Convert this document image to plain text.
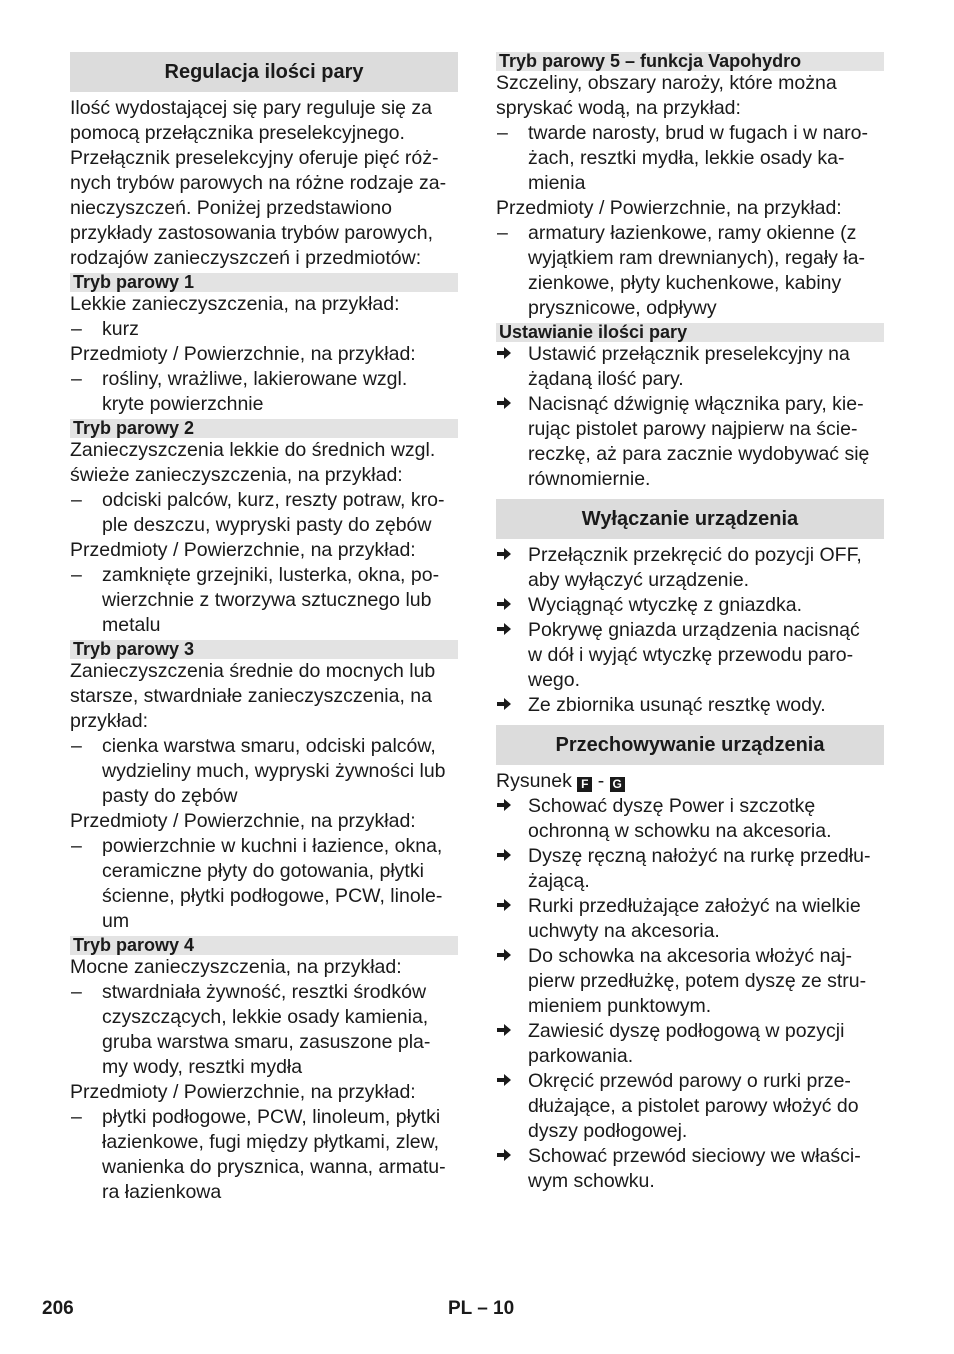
Regulacja ilości pary
Ilość wydostającej się pary reguluje się za
pomocą przełącznika preselekcyjnego.
Przełącznik preselekcyjny oferuje pięć róż-
nych trybów parowych na różne rodzaje za-
nieczyszczeń. Poniżej przedstawiono
przykłady zastosowania trybów parowych,
rodzajów zanieczyszczeń i przedmiotów:
Tryb parowy 1

Lekkie zanieczyszczenia, na przykład:

– kurz

Przedmioty / Powierzchnie, na przykład:

– rośliny, wrażliwe, lakierowane wzgl.
kryte powierzchnie
Tryb parowy 2
Zanieczyszczenia lekkie do średnich wzgl.
świeże zanieczyszczenia, na przykład:
– odciski palców, kurz, reszty potraw, kro-
ple deszczu, wypryski pasty do zębów

Przedmioty / Powierzchnie, na przykład:

– zamknięte grzejniki, lusterka, okna, po-
wierzchnie z tworzywa sztucznego lub
metalu
Tryb parowy 3
Zanieczyszczenia średnie do mocnych lub
starsze, stwardniałe zanieczyszczenia, na
przykład:
– cienka warstwa smaru, odciski palców,
wydzieliny much, wypryski żywności lub
pasty do zębów

Przedmioty / Powierzchnie, na przykład:

– powierzchnie w kuchni i łazience, okna,
ceramiczne płyty do gotowania, płytki
ścienne, płytki podłogowe, PCW, linole-
um
Tryb parowy 4

Mocne zanieczyszczenia, na przykład:

– stwardniała żywność, resztki środków
czyszczących, lekkie osady kamienia,
gruba warstwa smaru, zasuszone pla-
my wody, resztki mydła

Przedmioty / Powierzchnie, na przykład:

– płytki podłogowe, PCW, linoleum, płytki
łazienkowe, fugi między płytkami, zlew,
wanienka do prysznica, wanna, armatu-
ra łazienkowa
Tryb parowy 5 – funkcja Vapohydro
Szczeliny, obszary naroży, które można
spryskać wodą, na przykład:
– twarde narosty, brud w fugach i w naro-
żach, resztki mydła, lekkie osady ka-
mienia

Przedmioty / Powierzchnie, na przykład:

– armatury łazienkowe, ramy okienne (z
wyjątkiem ram drewnianych), regały ła-
zienkowe, płyty kuchenkowe, kabiny
prysznicowe, odpływy
Ustawianie ilości pary
Ustawić przełącznik preselekcyjny na
żądaną ilość pary.
Nacisnąć dźwignię włącznika pary, kie-
rując pistolet parowy najpierw na ście-
reczkę, aż para zacznie wydobywać się
równomiernie.
Wyłączanie urządzenia
Przełącznik przekręcić do pozycji OFF,
aby wyłączyć urządzenie.
Wyciągnąć wtyczkę z gniazdka.
Pokrywę gniazda urządzenia nacisnąć
w dół i wyjąć wtyczkę przewodu paro-
wego.
Ze zbiornika usunąć resztkę wody.
Przechowywanie urządzenia

Rysunek F - G

Schować dyszę Power i szczotkę
ochronną w schowku na akcesoria.
Dyszę ręczną nałożyć na rurkę przedłu-
żającą.
Rurki przedłużające założyć na wielkie
uchwyty na akcesoria.
Do schowka na akcesoria włożyć naj-
pierw przedłużkę, potem dyszę ze stru-
mieniem punktowym.
Zawiesić dyszę podłogową w pozycji
parkowania.
Okręcić przewód parowy o rurki prze-
dłużające, a pistolet parowy włożyć do
dyszy podłogowej.
Schować przewód sieciowy we właści-
wym schowku.
206	PL – 10
